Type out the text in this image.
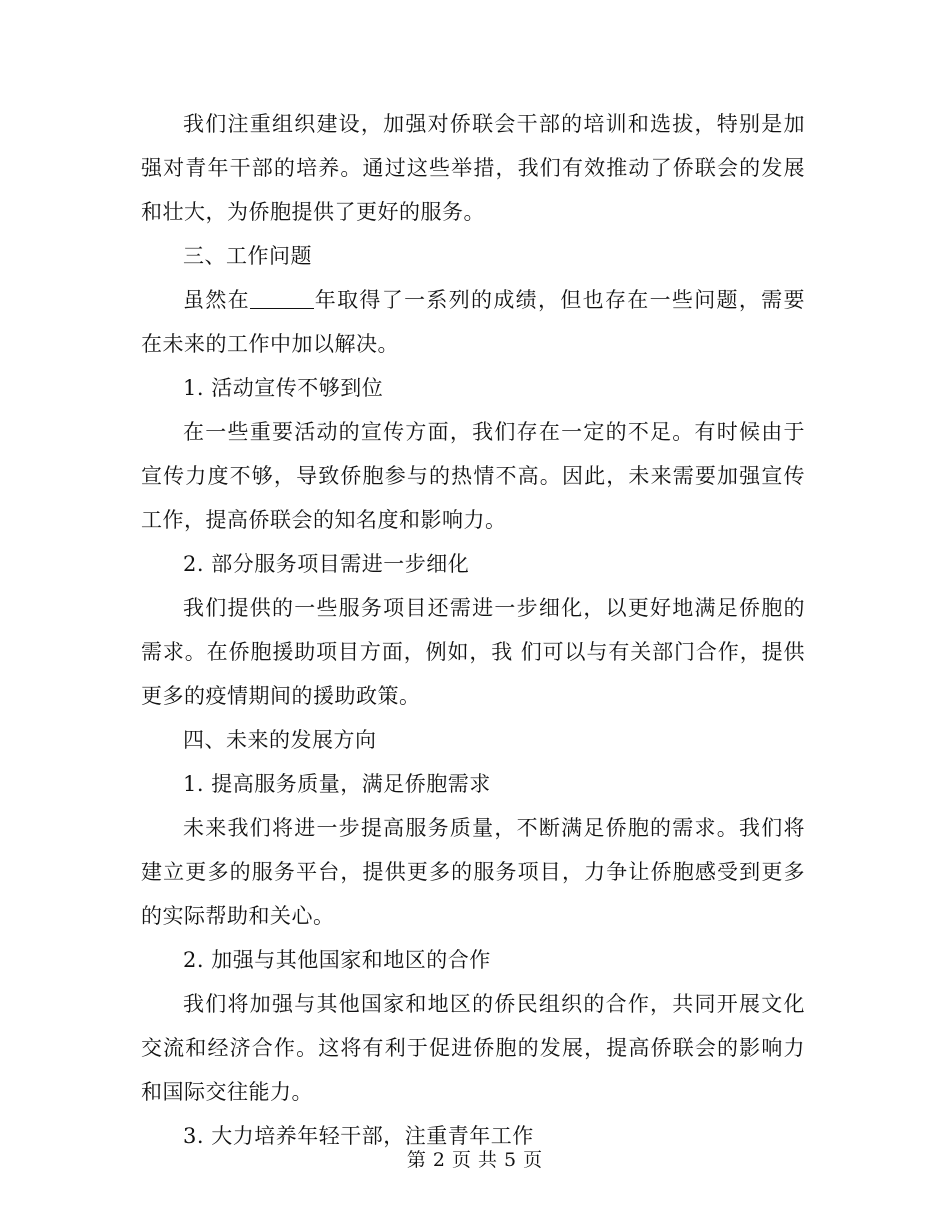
我们注重组织建设，加强对侨联会干部的培训和选拔，特别是加强对青年干部的培养。通过这些举措，我们有效推动了侨联会的发展和壮大，为侨胞提供了更好的服务。

三、工作问题

虽然在	年取得了一系列的成绩，但也存在一些问题，需要在未来的工作中加以解决。

1. 活动宣传不够到位

在一些重要活动的宣传方面，我们存在一定的不足。有时候由于宣传力度不够，导致侨胞参与的热情不高。因此，未来需要加强宣传工作，提高侨联会的知名度和影响力。

2. 部分服务项目需进一步细化

我们提供的一些服务项目还需进一步细化，以更好地满足侨胞的需求。在侨胞援助项目方面，例如，我 们可以与有关部门合作，提供更多的疫情期间的援助政策。

四、未来的发展方向

1. 提高服务质量，满足侨胞需求

未来我们将进一步提高服务质量，不断满足侨胞的需求。我们将建立更多的服务平台，提供更多的服务项目，力争让侨胞感受到更多的实际帮助和关心。

2. 加强与其他国家和地区的合作

我们将加强与其他国家和地区的侨民组织的合作，共同开展文化交流和经济合作。这将有利于促进侨胞的发展，提高侨联会的影响力和国际交往能力。

3. 大力培养年轻干部，注重青年工作

第 2 页 共 5 页
